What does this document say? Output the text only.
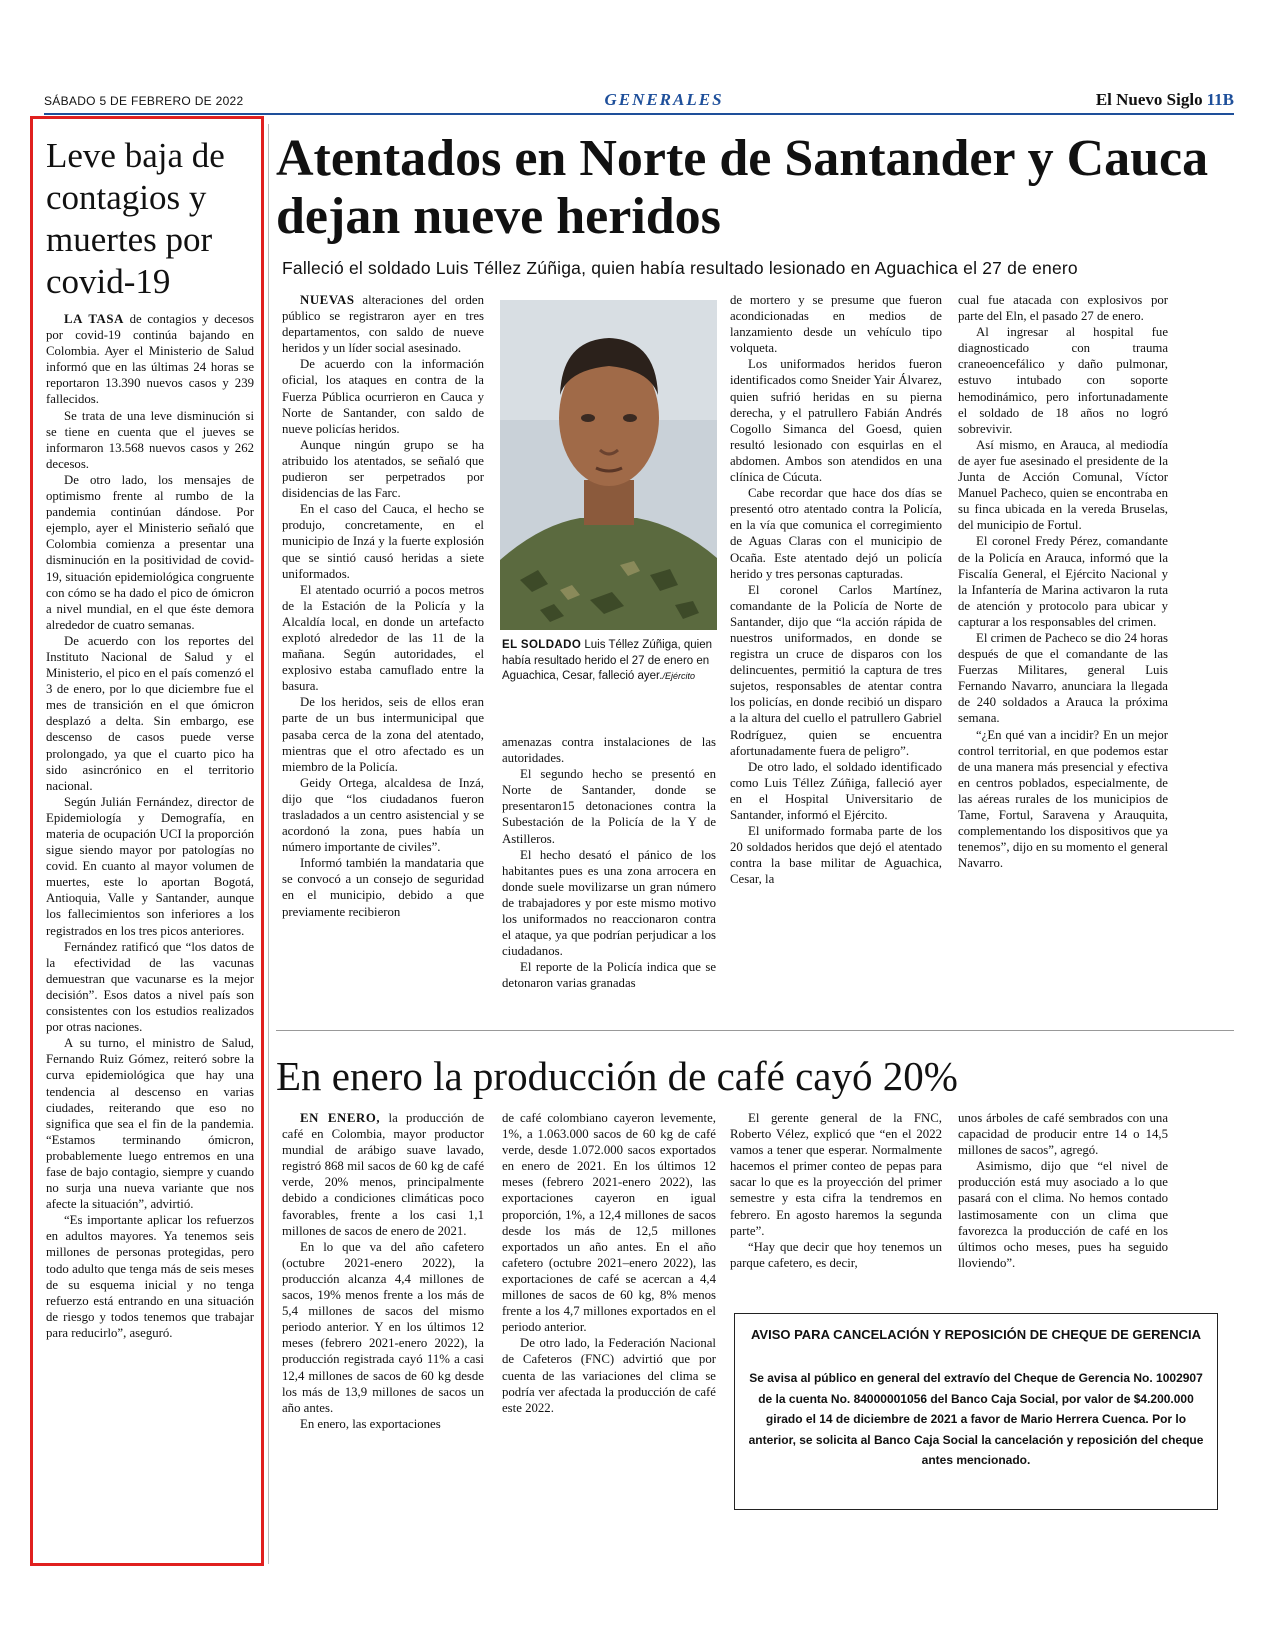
SÁBADO 5 DE FEBRERO DE 2022	GENERALES	El Nuevo Siglo 11B
Leve baja de contagios y muertes por covid-19

LA TASA de contagios y decesos por covid-19 continúa bajando en Colombia. Ayer el Ministerio de Salud informó que en las últimas 24 horas se reportaron 13.390 nuevos casos y 239 fallecidos.

Se trata de una leve disminución si se tiene en cuenta que el jueves se informaron 13.568 nuevos casos y 262 decesos.

De otro lado, los mensajes de optimismo frente al rumbo de la pandemia continúan dándose. Por ejemplo, ayer el Ministerio señaló que Colombia comienza a presentar una disminución en la positividad de covid-19, situación epidemiológica congruente con cómo se ha dado el pico de ómicron a nivel mundial, en el que éste demora alrededor de cuatro semanas.

De acuerdo con los reportes del Instituto Nacional de Salud y el Ministerio, el pico en el país comenzó el 3 de enero, por lo que diciembre fue el mes de transición en el que ómicron desplazó a delta. Sin embargo, ese descenso de casos puede verse prolongado, ya que el cuarto pico ha sido asincrónico en el territorio nacional.

Según Julián Fernández, director de Epidemiología y Demografía, en materia de ocupación UCI la proporción sigue siendo mayor por patologías no covid. En cuanto al mayor volumen de muertes, este lo aportan Bogotá, Antioquia, Valle y Santander, aunque los fallecimientos son inferiores a los registrados en los tres picos anteriores.

Fernández ratificó que “los datos de la efectividad de las vacunas demuestran que vacunarse es la mejor decisión”. Esos datos a nivel país son consistentes con los estudios realizados por otras naciones.

A su turno, el ministro de Salud, Fernando Ruiz Gómez, reiteró sobre la curva epidemiológica que hay una tendencia al descenso en varias ciudades, reiterando que eso no significa que sea el fin de la pandemia. “Estamos terminando ómicron, probablemente luego entremos en una fase de bajo contagio, siempre y cuando no surja una nueva variante que nos afecte la situación”, advirtió.

“Es importante aplicar los refuerzos en adultos mayores. Ya tenemos seis millones de personas protegidas, pero todo adulto que tenga más de seis meses de su esquema inicial y no tenga refuerzo está entrando en una situación de riesgo y todos tenemos que trabajar para reducirlo”, aseguró.

Atentados en Norte de Santander y Cauca dejan nueve heridos
Falleció el soldado Luis Téllez Zúñiga, quien había resultado lesionado en Aguachica el 27 de enero

NUEVAS alteraciones del orden público se registraron ayer en tres departamentos, con saldo de nueve heridos y un líder social asesinado.

De acuerdo con la información oficial, los ataques en contra de la Fuerza Pública ocurrieron en Cauca y Norte de Santander, con saldo de nueve policías heridos.

Aunque ningún grupo se ha atribuido los atentados, se señaló que pudieron ser perpetrados por disidencias de las Farc.

En el caso del Cauca, el hecho se produjo, concretamente, en el municipio de Inzá y la fuerte explosión que se sintió causó heridas a siete uniformados.

El atentado ocurrió a pocos metros de la Estación de la Policía y la Alcaldía local, en donde un artefacto explotó alrededor de las 11 de la mañana. Según autoridades, el explosivo estaba camuflado entre la basura.

De los heridos, seis de ellos eran parte de un bus intermunicipal que pasaba cerca de la zona del atentado, mientras que el otro afectado es un miembro de la Policía.

Geidy Ortega, alcaldesa de Inzá, dijo que “los ciudadanos fueron trasladados a un centro asistencial y se acordonó la zona, pues había un número importante de civiles”.

Informó también la mandataria que se convocó a un consejo de seguridad en el municipio, debido a que previamente recibieron

EL SOLDADO Luis Téllez Zúñiga, quien había resultado herido el 27 de enero en Aguachica, Cesar, falleció ayer./Ejército

amenazas contra instalaciones de las autoridades.

El segundo hecho se presentó en Norte de Santander, donde se presentaron15 detonaciones contra la Subestación de la Policía de la Y de Astilleros.

El hecho desató el pánico de los habitantes pues es una zona arrocera en donde suele movilizarse un gran número de trabajadores y por este mismo motivo los uniformados no reaccionaron contra el ataque, ya que podrían perjudicar a los ciudadanos.

El reporte de la Policía indica que se detonaron varias granadas

de mortero y se presume que fueron acondicionadas en medios de lanzamiento desde un vehículo tipo volqueta.

Los uniformados heridos fueron identificados como Sneider Yair Álvarez, quien sufrió heridas en su pierna derecha, y el patrullero Fabián Andrés Cogollo Simanca del Goesd, quien resultó lesionado con esquirlas en el abdomen. Ambos son atendidos en una clínica de Cúcuta.

Cabe recordar que hace dos días se presentó otro atentado contra la Policía, en la vía que comunica el corregimiento de Aguas Claras con el municipio de Ocaña. Este atentado dejó un policía herido y tres personas capturadas.

El coronel Carlos Martínez, comandante de la Policía de Norte de Santander, dijo que “la acción rápida de nuestros uniformados, en donde se registra un cruce de disparos con los delincuentes, permitió la captura de tres sujetos, responsables de atentar contra los policías, en donde recibió un disparo a la altura del cuello el patrullero Gabriel Rodríguez, quien se encuentra afortunadamente fuera de peligro”.

De otro lado, el soldado identificado como Luis Téllez Zúñiga, falleció ayer en el Hospital Universitario de Santander, informó el Ejército.

El uniformado formaba parte de los 20 soldados heridos que dejó el atentado contra la base militar de Aguachica, Cesar, la

cual fue atacada con explosivos por parte del Eln, el pasado 27 de enero.

Al ingresar al hospital fue diagnosticado con trauma craneoencefálico y daño pulmonar, estuvo intubado con soporte hemodinámico, pero infortunadamente el soldado de 18 años no logró sobrevivir.

Así mismo, en Arauca, al mediodía de ayer fue asesinado el presidente de la Junta de Acción Comunal, Víctor Manuel Pacheco, quien se encontraba en su finca ubicada en la vereda Bruselas, del municipio de Fortul.

El coronel Fredy Pérez, comandante de la Policía en Arauca, informó que la Fiscalía General, el Ejército Nacional y la Infantería de Marina activaron la ruta de atención y protocolo para ubicar y capturar a los responsables del crimen.

El crimen de Pacheco se dio 24 horas después de que el comandante de las Fuerzas Militares, general Luis Fernando Navarro, anunciara la llegada de 240 soldados a Arauca la próxima semana.

“¿En qué van a incidir? En un mejor control territorial, en que podemos estar de una manera más presencial y efectiva en centros poblados, especialmente, de las aéreas rurales de los municipios de Tame, Fortul, Saravena y Arauquita, complementando los dispositivos que ya tenemos”, dijo en su momento el general Navarro.

En enero la producción de café cayó 20%

EN ENERO, la producción de café en Colombia, mayor productor mundial de arábigo suave lavado, registró 868 mil sacos de 60 kg de café verde, 20% menos, principalmente debido a condiciones climáticas poco favorables, frente a los casi 1,1 millones de sacos de enero de 2021.

En lo que va del año cafetero (octubre 2021-enero 2022), la producción alcanza 4,4 millones de sacos, 19% menos frente a los más de 5,4 millones de sacos del mismo periodo anterior. Y en los últimos 12 meses (febrero 2021-enero 2022), la producción registrada cayó 11% a casi 12,4 millones de sacos de 60 kg desde los más de 13,9 millones de sacos un año antes.

En enero, las exportaciones

de café colombiano cayeron levemente, 1%, a 1.063.000 sacos de 60 kg de café verde, desde 1.072.000 sacos exportados en enero de 2021. En los últimos 12 meses (febrero 2021-enero 2022), las exportaciones cayeron en igual proporción, 1%, a 12,4 millones de sacos desde los más de 12,5 millones exportados un año antes. En el año cafetero (octubre 2021–enero 2022), las exportaciones de café se acercan a 4,4 millones de sacos de 60 kg, 8% menos frente a los 4,7 millones exportados en el periodo anterior.

De otro lado, la Federación Nacional de Cafeteros (FNC) advirtió que por cuenta de las variaciones del clima se podría ver afectada la producción de café este 2022.

El gerente general de la FNC, Roberto Vélez, explicó que “en el 2022 vamos a tener que esperar. Normalmente hacemos el primer conteo de pepas para sacar lo que es la proyección del primer semestre y esta cifra la tendremos en febrero. En agosto haremos la segunda parte”.

“Hay que decir que hoy tenemos un parque cafetero, es decir,

unos árboles de café sembrados con una capacidad de producir entre 14 o 14,5 millones de sacos”, agregó.

Asimismo, dijo que “el nivel de producción está muy asociado a lo que pasará con el clima. No hemos contado lastimosamente con un clima que favorezca la producción de café en los últimos ocho meses, pues ha seguido lloviendo”.

AVISO PARA CANCELACIÓN Y REPOSICIÓN DE CHEQUE DE GERENCIA
Se avisa al público en general del extravío del Cheque de Gerencia No. 1002907 de la cuenta No. 84000001056 del Banco Caja Social, por valor de $4.200.000 girado el 14 de diciembre de 2021 a favor de Mario Herrera Cuenca. Por lo anterior, se solicita al Banco Caja Social la cancelación y reposición del cheque antes mencionado.
